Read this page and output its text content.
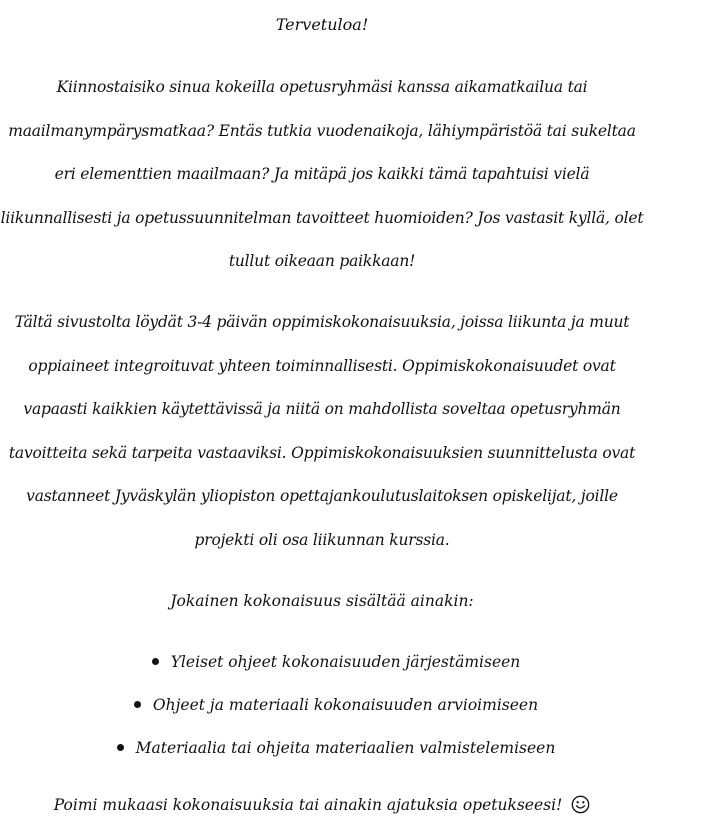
Tervetuloa!
Kiinnostaisiko sinua kokeilla opetusryhmäsi kanssa aikamatkailua tai maailmanympärysmatkaa? Entäs tutkia vuodenaikoja, lähiympäristöä tai sukeltaa eri elementtien maailmaan? Ja mitäpä jos kaikki tämä tapahtuisi vielä liikunnallisesti ja opetussuunnitelman tavoitteet huomioiden? Jos vastasit kyllä, olet tullut oikeaan paikkaan!
Tältä sivustolta löydät 3-4 päivän oppimiskokonaisuuksia, joissa liikunta ja muut oppiaineet integroituvat yhteen toiminnallisesti. Oppimiskokonaisuudet ovat vapaasti kaikkien käytettävissä ja niitä on mahdollista soveltaa opetusryhmän tavoitteita sekä tarpeita vastaaviksi. Oppimiskokonaisuuksien suunnittelusta ovat vastanneet Jyväskylän yliopiston opettajankoulutuslaitoksen opiskelijat, joille projekti oli osa liikunnan kurssia.
Jokainen kokonaisuus sisältää ainakin:
Yleiset ohjeet kokonaisuuden järjestämiseen
Ohjeet ja materiaali kokonaisuuden arvioimiseen
Materiaalia tai ohjeita materiaalien valmistelemiseen
Poimi mukaasi kokonaisuuksia tai ainakin ajatuksia opetukseesi!
